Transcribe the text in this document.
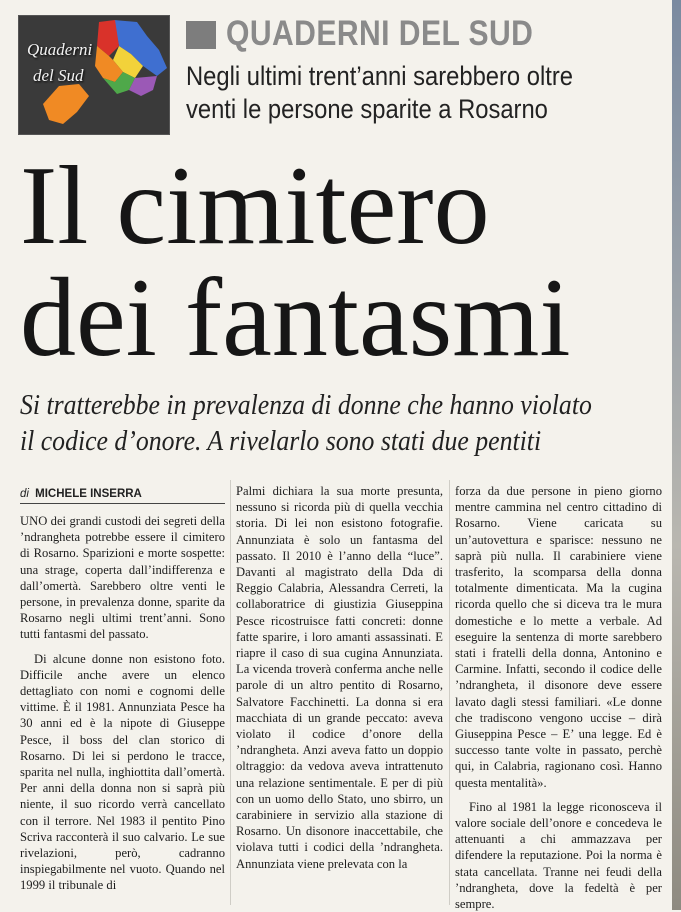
Quaderni
del Sud
QUADERNI DEL SUD
Negli ultimi trent’anni sarebbero oltre
venti le persone sparite a Rosarno
Il cimitero
dei fantasmi
Si tratterebbe in prevalenza di donne che hanno violato
il codice d’onore. A rivelarlo sono stati due pentiti
di MICHELE INSERRA

UNO dei grandi custodi dei segreti della ’ndrangheta potrebbe essere il cimitero di Rosarno. Sparizioni e morte sospette: una strage, coperta dall’indifferenza e dall’omertà. Sarebbero oltre venti le persone, in prevalenza donne, sparite da Rosarno negli ultimi trent’anni. Sono tutti fantasmi del passato.

Di alcune donne non esistono foto. Difficile anche avere un elenco dettagliato con nomi e cognomi delle vittime. È il 1981. Annunziata Pesce ha 30 anni ed è la nipote di Giuseppe Pesce, il boss del clan storico di Rosarno. Di lei si perdono le tracce, sparita nel nulla, inghiottita dall’omertà. Per anni della donna non si saprà più niente, il suo ricordo verrà cancellato con il terrore. Nel 1983 il pentito Pino Scriva racconterà il suo calvario. Le sue rivelazioni, però, cadranno inspiegabilmente nel vuoto. Quando nel 1999 il tribunale di

Palmi dichiara la sua morte presunta, nessuno si ricorda più di quella vecchia storia. Di lei non esistono fotografie. Annunziata è solo un fantasma del passato. Il 2010 è l’anno della “luce”. Davanti al magistrato della Dda di Reggio Calabria, Alessandra Cerreti, la collaboratrice di giustizia Giuseppina Pesce ricostruisce fatti concreti: donne fatte sparire, i loro amanti assassinati. E riapre il caso di sua cugina Annunziata. La vicenda troverà conferma anche nelle parole di un altro pentito di Rosarno, Salvatore Facchinetti. La donna si era macchiata di un grande peccato: aveva violato il codice d’onore della ’ndrangheta. Anzi aveva fatto un doppio oltraggio: da vedova aveva intrattenuto una relazione sentimentale. E per di più con un uomo dello Stato, uno sbirro, un carabiniere in servizio alla stazione di Rosarno. Un disonore inaccettabile, che violava tutti i codici della ’ndrangheta. Annunziata viene prelevata con la

forza da due persone in pieno giorno mentre cammina nel centro cittadino di Rosarno. Viene caricata su un’autovettura e sparisce: nessuno ne saprà più nulla. Il carabiniere viene trasferito, la scomparsa della donna totalmente dimenticata. Ma la cugina ricorda quello che si diceva tra le mura domestiche e lo mette a verbale. Ad eseguire la sentenza di morte sarebbero stati i fratelli della donna, Antonino e Carmine. Infatti, secondo il codice delle ’ndrangheta, il disonore deve essere lavato dagli stessi familiari. «Le donne che tradiscono vengono uccise – dirà Giuseppina Pesce – E’ una legge. Ed è successo tante volte in passato, perchè qui, in Calabria, ragionano così. Hanno questa mentalità».

Fino al 1981 la legge riconosceva il valore sociale dell’onore e concedeva le attenuanti a chi ammazzava per difendere la reputazione. Poi la norma è stata cancellata. Tranne nei feudi della ’ndrangheta, dove la fedeltà è per sempre.
